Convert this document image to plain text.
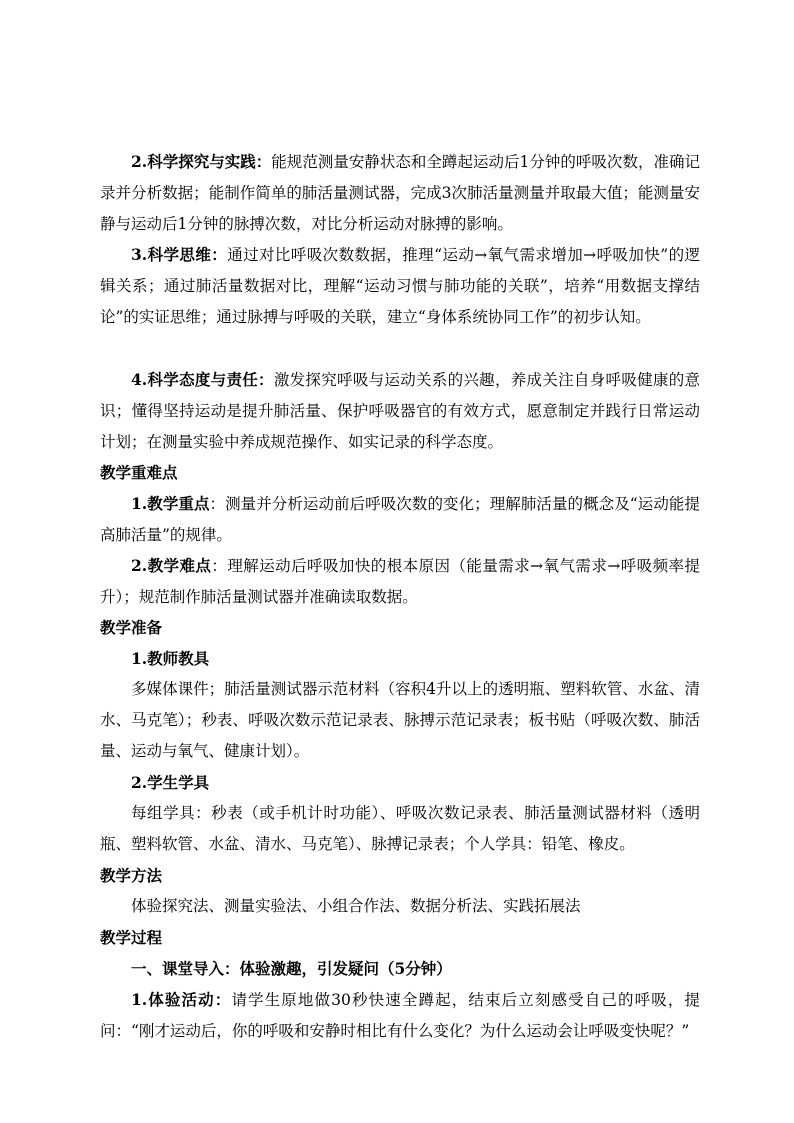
2.科学探究与实践：能规范测量安静状态和全蹲起运动后1分钟的呼吸次数，准确记录并分析数据；能制作简单的肺活量测试器，完成3次肺活量测量并取最大值；能测量安静与运动后1分钟的脉搏次数，对比分析运动对脉搏的影响。

3.科学思维：通过对比呼吸次数数据，推理“运动→氧气需求增加→呼吸加快”的逻辑关系；通过肺活量数据对比，理解“运动习惯与肺功能的关联”，培养“用数据支撑结论”的实证思维；通过脉搏与呼吸的关联，建立“身体系统协同工作”的初步认知。

4.科学态度与责任：激发探究呼吸与运动关系的兴趣，养成关注自身呼吸健康的意识；懂得坚持运动是提升肺活量、保护呼吸器官的有效方式，愿意制定并践行日常运动计划；在测量实验中养成规范操作、如实记录的科学态度。

教学重难点

1.教学重点：测量并分析运动前后呼吸次数的变化；理解肺活量的概念及“运动能提高肺活量”的规律。

2.教学难点：理解运动后呼吸加快的根本原因（能量需求→氧气需求→呼吸频率提升）；规范制作肺活量测试器并准确读取数据。

教学准备

1.教师教具

多媒体课件；肺活量测试器示范材料（容积4升以上的透明瓶、塑料软管、水盆、清水、马克笔）；秒表、呼吸次数示范记录表、脉搏示范记录表；板书贴（呼吸次数、肺活量、运动与氧气、健康计划）。

2.学生学具

每组学具：秒表（或手机计时功能）、呼吸次数记录表、肺活量测试器材料（透明瓶、塑料软管、水盆、清水、马克笔）、脉搏记录表；个人学具：铅笔、橡皮。

教学方法

体验探究法、测量实验法、小组合作法、数据分析法、实践拓展法

教学过程

一、课堂导入：体验激趣，引发疑问（5分钟）

1.体验活动：请学生原地做30秒快速全蹲起，结束后立刻感受自己的呼吸，提问：“刚才运动后，你的呼吸和安静时相比有什么变化？为什么运动会让呼吸变快呢？”
